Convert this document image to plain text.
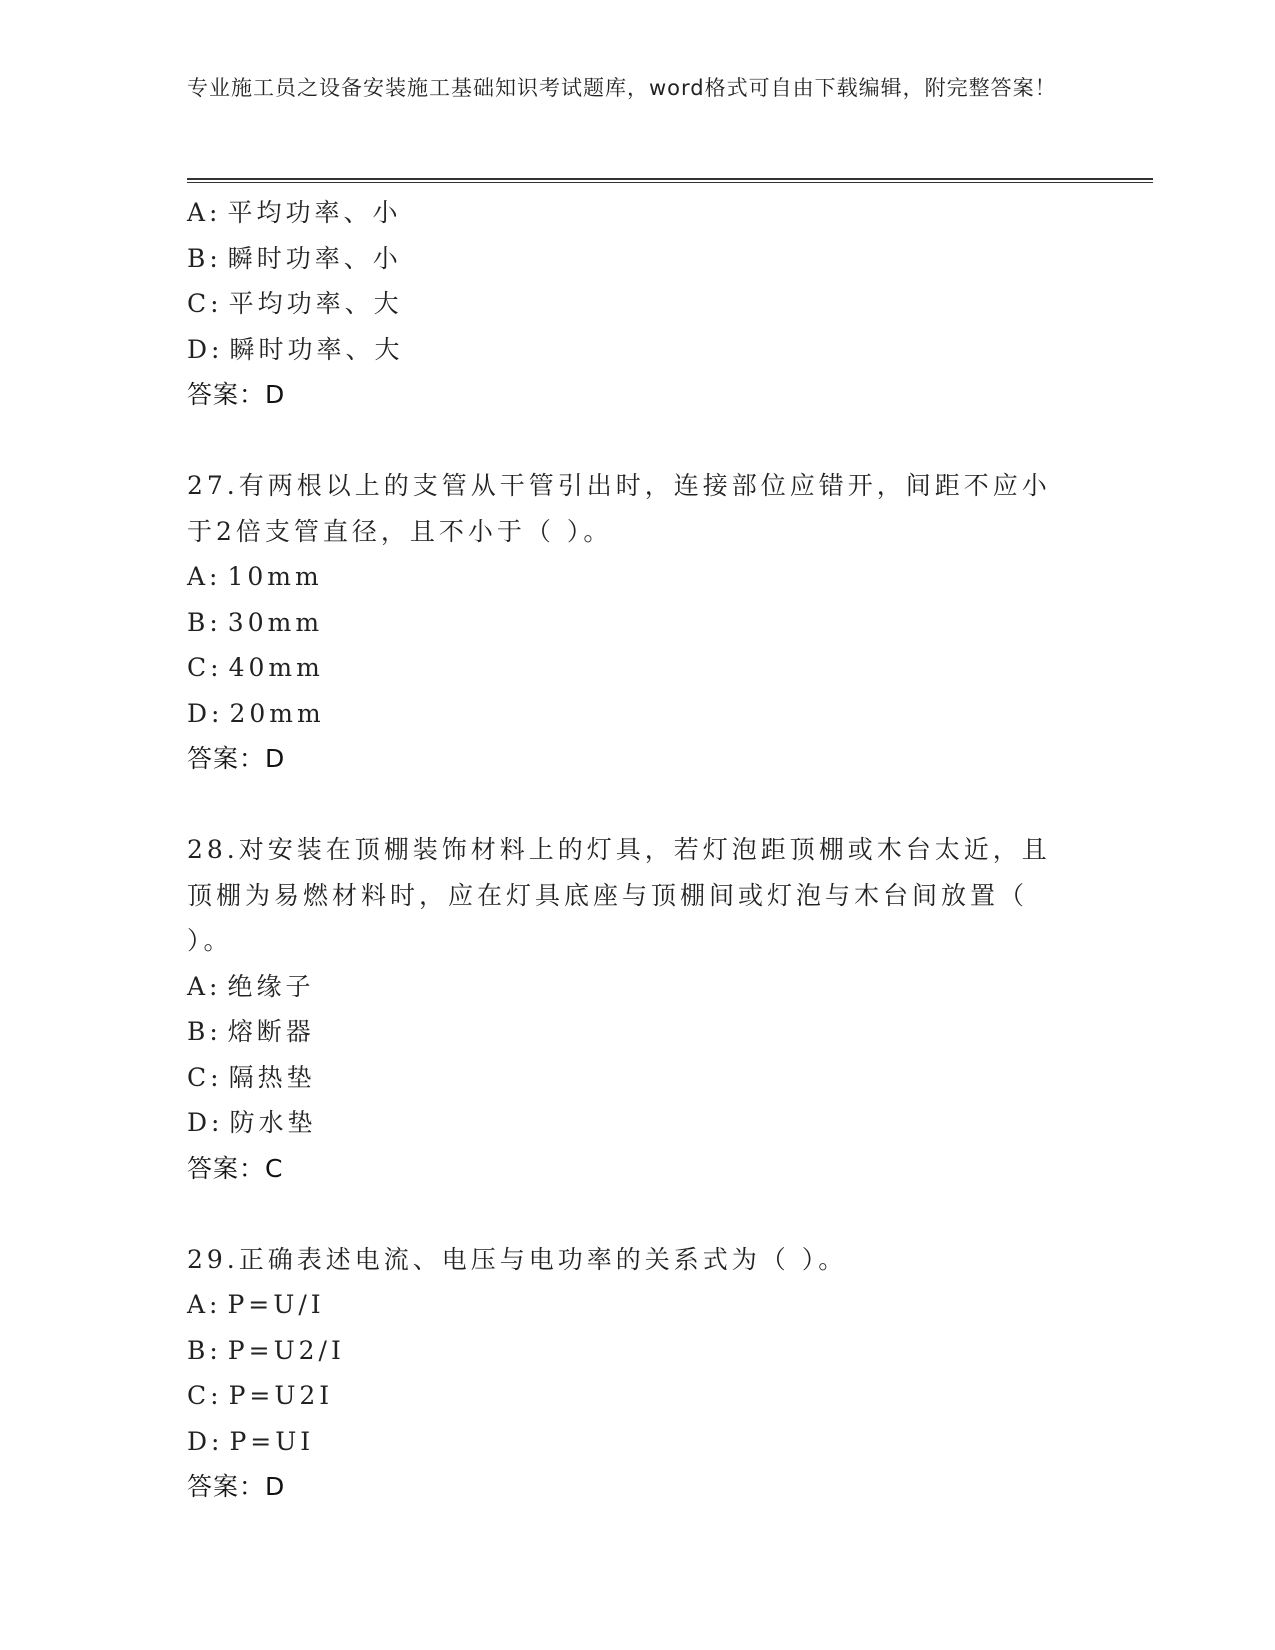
专业施工员之设备安装施工基础知识考试题库，word格式可自由下载编辑，附完整答案！
A: 平均功率、小
B: 瞬时功率、小
C: 平均功率、大
D: 瞬时功率、大
答案：D
27.有两根以上的支管从干管引出时，连接部位应错开，间距不应小于2倍支管直径，且不小于（ ）。
A: 10mm
B: 30mm
C: 40mm
D: 20mm
答案：D
28.对安装在顶棚装饰材料上的灯具，若灯泡距顶棚或木台太近，且顶棚为易燃材料时，应在灯具底座与顶棚间或灯泡与木台间放置（ ）。
A: 绝缘子
B: 熔断器
C: 隔热垫
D: 防水垫
答案：C
29.正确表述电流、电压与电功率的关系式为（ ）。
A: P=U/I
B: P=U2/I
C: P=U2I
D: P=UI
答案：D
